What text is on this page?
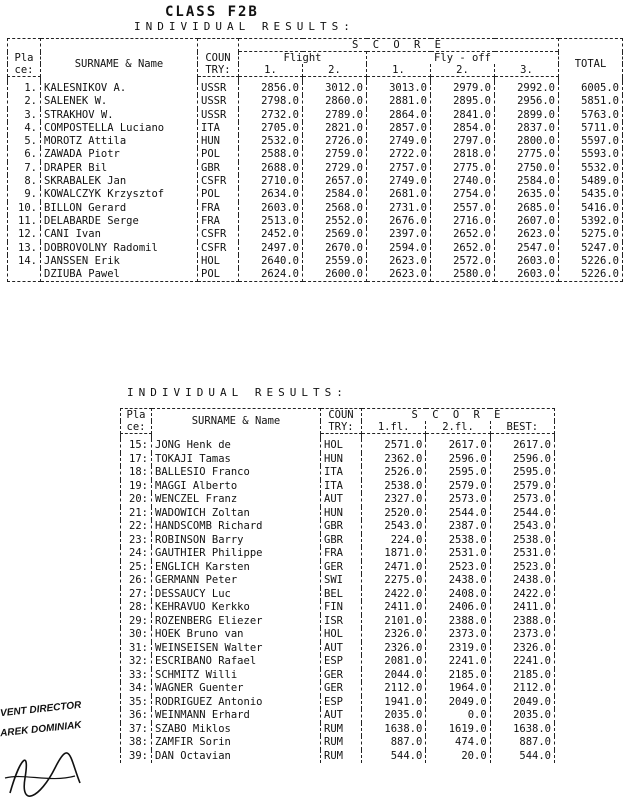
CLASS F2B
INDIVIDUAL RESULTS:
			S C O R E					
Pla	SURNAME & Name	COUN	Flight		Fly - off			TOTAL
ce:		TRY:	1.	2.	1.	2.	3.	

1.	KALESNIKOV A.	USSR	2856.0	3012.0	3013.0	2979.0	2992.0	6005.0
2.	SALENEK W.	USSR	2798.0	2860.0	2881.0	2895.0	2956.0	5851.0
3.	STRAKHOV W.	USSR	2732.0	2789.0	2864.0	2841.0	2899.0	5763.0
4.	COMPOSTELLA Luciano	ITA	2705.0	2821.0	2857.0	2854.0	2837.0	5711.0
5.	MOROTZ Attila	HUN	2532.0	2726.0	2749.0	2797.0	2800.0	5597.0
6.	ZAWADA Piotr	POL	2588.0	2759.0	2722.0	2818.0	2775.0	5593.0
7.	DRAPER Bil	GBR	2688.0	2729.0	2757.0	2775.0	2750.0	5532.0
8.	SKRABALEK Jan	CSFR	2710.0	2657.0	2749.0	2740.0	2584.0	5489.0
9.	KOWALCZYK Krzysztof	POL	2634.0	2584.0	2681.0	2754.0	2635.0	5435.0
10.	BILLON Gerard	FRA	2603.0	2568.0	2731.0	2557.0	2685.0	5416.0
11.	DELABARDE Serge	FRA	2513.0	2552.0	2676.0	2716.0	2607.0	5392.0
12.	CANI Ivan	CSFR	2452.0	2569.0	2397.0	2652.0	2623.0	5275.0
13.	DOBROVOLNY Radomil	CSFR	2497.0	2670.0	2594.0	2652.0	2547.0	5247.0
14.	JANSSEN Erik	HOL	2640.0	2559.0	2623.0	2572.0	2603.0	5226.0
	DZIUBA Pawel	POL	2624.0	2600.0	2623.0	2580.0	2603.0	5226.0
INDIVIDUAL RESULTS:
Pla	SURNAME & Name	COUN	S C O R E		
ce:		TRY:	1.fl.	2.fl.	BEST:

15:	JONG Henk de	HOL	2571.0	2617.0	2617.0
17:	TOKAJI Tamas	HUN	2362.0	2596.0	2596.0
18:	BALLESIO Franco	ITA	2526.0	2595.0	2595.0
19:	MAGGI Alberto	ITA	2538.0	2579.0	2579.0
20:	WENCZEL Franz	AUT	2327.0	2573.0	2573.0
21:	WADOWICH Zoltan	HUN	2520.0	2544.0	2544.0
22:	HANDSCOMB Richard	GBR	2543.0	2387.0	2543.0
23:	ROBINSON Barry	GBR	224.0	2538.0	2538.0
24:	GAUTHIER Philippe	FRA	1871.0	2531.0	2531.0
25:	ENGLICH Karsten	GER	2471.0	2523.0	2523.0
26:	GERMANN Peter	SWI	2275.0	2438.0	2438.0
27:	DESSAUCY Luc	BEL	2422.0	2408.0	2422.0
28:	KEHRAVUO Kerkko	FIN	2411.0	2406.0	2411.0
29:	ROZENBERG Eliezer	ISR	2101.0	2388.0	2388.0
30:	HOEK Bruno van	HOL	2326.0	2373.0	2373.0
31:	WEINSEISEN Walter	AUT	2326.0	2319.0	2326.0
32:	ESCRIBANO Rafael	ESP	2081.0	2241.0	2241.0
33:	SCHMITZ Willi	GER	2044.0	2185.0	2185.0
34:	WAGNER Guenter	GER	2112.0	1964.0	2112.0
35:	RODRIGUEZ Antonio	ESP	1941.0	2049.0	2049.0
36:	WEINMANN Erhard	AUT	2035.0	0.0	2035.0
37:	SZABO Miklos	RUM	1638.0	1619.0	1638.0
38:	ZAMFIR Sorin	RUM	887.0	474.0	887.0
39:	DAN Octavian	RUM	544.0	20.0	544.0
VENT DIRECTOR
AREK DOMINIAK
